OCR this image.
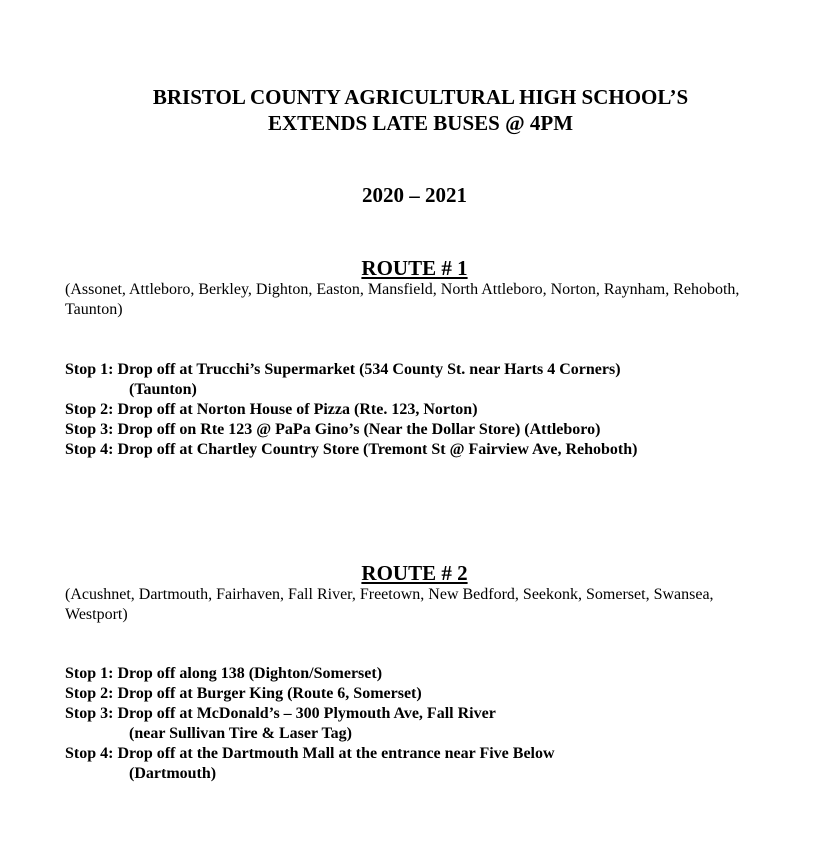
BRISTOL COUNTY AGRICULTURAL HIGH SCHOOL’S
EXTENDS LATE BUSES @ 4PM
2020 – 2021
ROUTE # 1
(Assonet, Attleboro, Berkley, Dighton, Easton, Mansfield, North Attleboro, Norton, Raynham, Rehoboth, Taunton)
Stop 1: Drop off at Trucchi’s Supermarket (534 County St. near Harts 4 Corners)
(Taunton)
Stop 2: Drop off at Norton House of Pizza (Rte. 123, Norton)
Stop 3: Drop off on Rte 123 @ PaPa Gino’s (Near the Dollar Store) (Attleboro)
Stop 4: Drop off at Chartley Country Store (Tremont St @ Fairview Ave, Rehoboth)
ROUTE # 2
(Acushnet, Dartmouth, Fairhaven, Fall River, Freetown, New Bedford, Seekonk, Somerset, Swansea, Westport)
Stop 1: Drop off along 138 (Dighton/Somerset)
Stop 2: Drop off at Burger King (Route 6, Somerset)
Stop 3: Drop off at McDonald’s – 300 Plymouth Ave, Fall River
(near Sullivan Tire & Laser Tag)
Stop 4: Drop off at the Dartmouth Mall at the entrance near Five Below
(Dartmouth)
